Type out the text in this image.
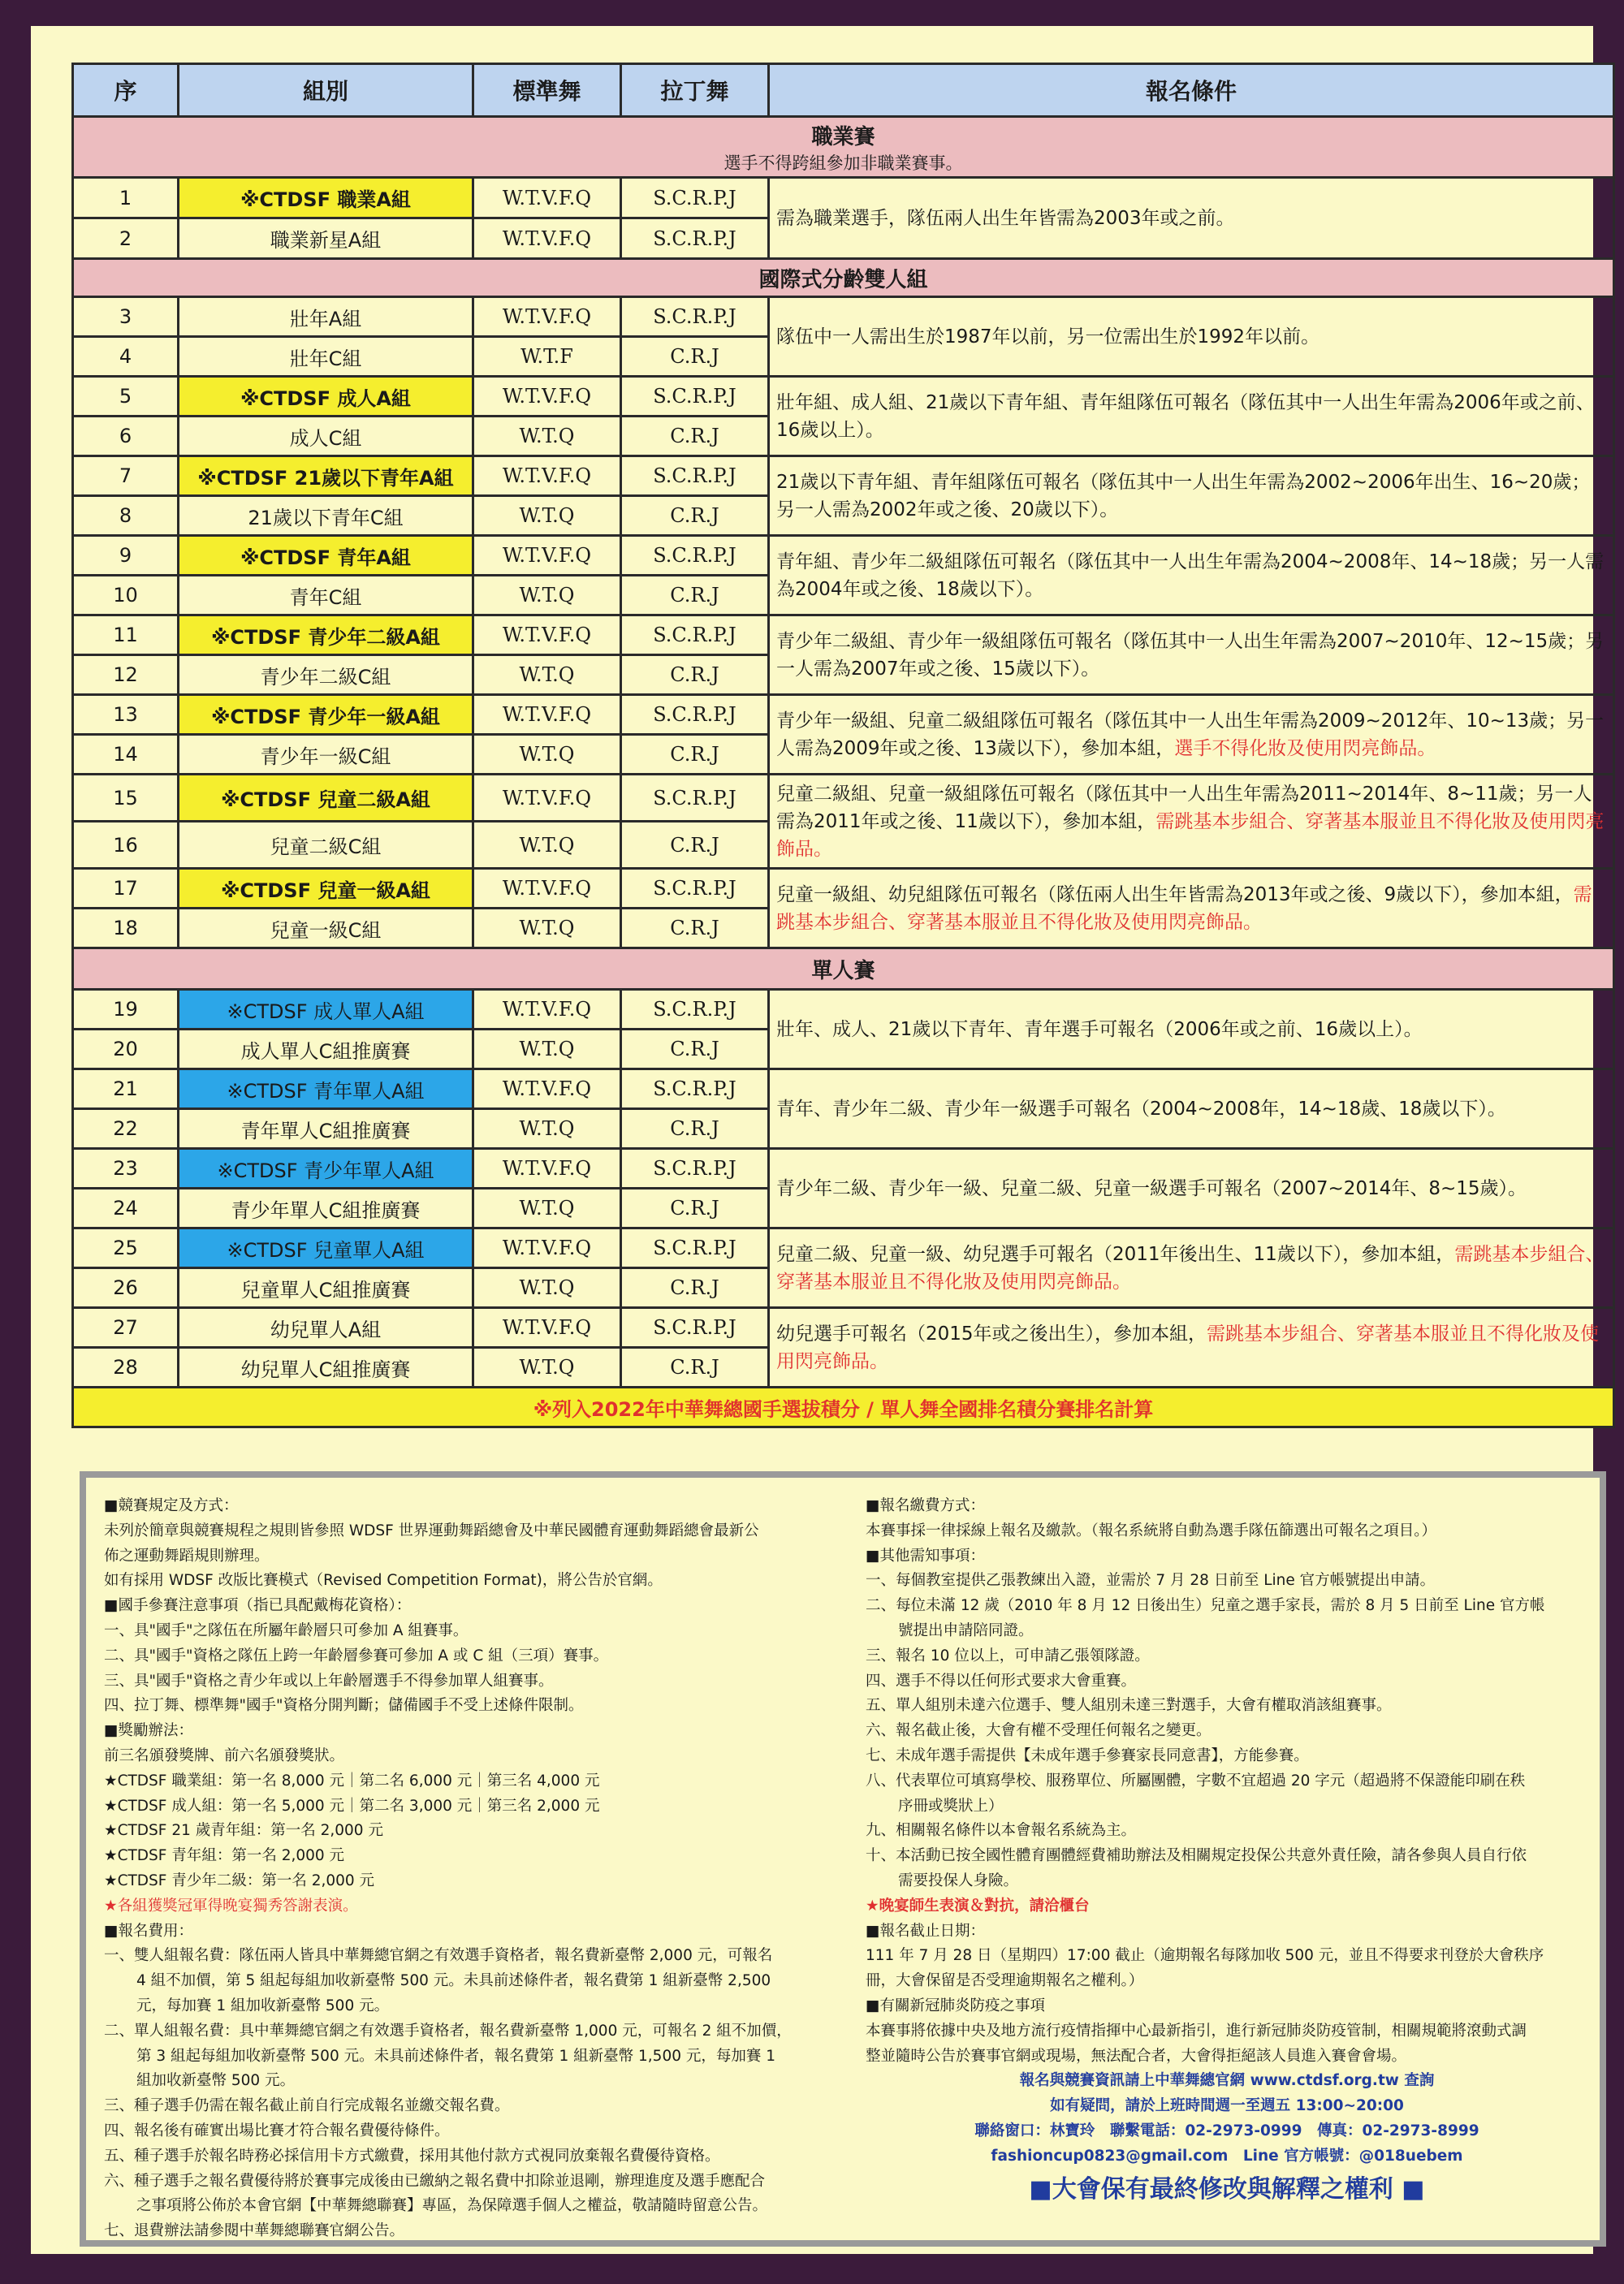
序	組別	標準舞	拉丁舞	報名條件

職業賽
選手不得跨組參加非職業賽事。				

1	※CTDSF 職業A組	W.T.V.F.Q	S.C.R.P.J	需為職業選手，隊伍兩人出生年皆需為2003年或之前。
2	職業新星A組	W.T.V.F.Q	S.C.R.P.J	

國際式分齡雙人組				

3	壯年A組	W.T.V.F.Q	S.C.R.P.J	隊伍中一人需出生於1987年以前，另一位需出生於1992年以前。
4	壯年C組	W.T.F	C.R.J	
5	※CTDSF 成人A組	W.T.V.F.Q	S.C.R.P.J	壯年組、成人組、21歲以下青年組、青年組隊伍可報名（隊伍其中一人出生年需為2006年或之前、16歲以上）。
6	成人C組	W.T.Q	C.R.J	
7	※CTDSF 21歲以下青年A組	W.T.V.F.Q	S.C.R.P.J	21歲以下青年組、青年組隊伍可報名（隊伍其中一人出生年需為2002~2006年出生、16~20歲；另一人需為2002年或之後、20歲以下）。
8	21歲以下青年C組	W.T.Q	C.R.J	
9	※CTDSF 青年A組	W.T.V.F.Q	S.C.R.P.J	青年組、青少年二級組隊伍可報名（隊伍其中一人出生年需為2004~2008年、14~18歲；另一人需為2004年或之後、18歲以下）。
10	青年C組	W.T.Q	C.R.J	
11	※CTDSF 青少年二級A組	W.T.V.F.Q	S.C.R.P.J	青少年二級組、青少年一級組隊伍可報名（隊伍其中一人出生年需為2007~2010年、12~15歲；另一人需為2007年或之後、15歲以下）。
12	青少年二級C組	W.T.Q	C.R.J	
13	※CTDSF 青少年一級A組	W.T.V.F.Q	S.C.R.P.J	青少年一級組、兒童二級組隊伍可報名（隊伍其中一人出生年需為2009~2012年、10~13歲；另一人需為2009年或之後、13歲以下），參加本組，選手不得化妝及使用閃亮飾品。
14	青少年一級C組	W.T.Q	C.R.J	
15	※CTDSF 兒童二級A組	W.T.V.F.Q	S.C.R.P.J	兒童二級組、兒童一級組隊伍可報名（隊伍其中一人出生年需為2011~2014年、8~11歲；另一人需為2011年或之後、11歲以下），參加本組，需跳基本步組合、穿著基本服並且不得化妝及使用閃亮飾品。
16	兒童二級C組	W.T.Q	C.R.J	
17	※CTDSF 兒童一級A組	W.T.V.F.Q	S.C.R.P.J	兒童一級組、幼兒組隊伍可報名（隊伍兩人出生年皆需為2013年或之後、9歲以下），參加本組，需跳基本步組合、穿著基本服並且不得化妝及使用閃亮飾品。
18	兒童一級C組	W.T.Q	C.R.J	

單人賽				

19	※CTDSF 成人單人A組	W.T.V.F.Q	S.C.R.P.J	壯年、成人、21歲以下青年、青年選手可報名（2006年或之前、16歲以上）。
20	成人單人C組推廣賽	W.T.Q	C.R.J	
21	※CTDSF 青年單人A組	W.T.V.F.Q	S.C.R.P.J	青年、青少年二級、青少年一級選手可報名（2004~2008年，14~18歲、18歲以下）。
22	青年單人C組推廣賽	W.T.Q	C.R.J	
23	※CTDSF 青少年單人A組	W.T.V.F.Q	S.C.R.P.J	青少年二級、青少年一級、兒童二級、兒童一級選手可報名（2007~2014年、8~15歲）。
24	青少年單人C組推廣賽	W.T.Q	C.R.J	
25	※CTDSF 兒童單人A組	W.T.V.F.Q	S.C.R.P.J	兒童二級、兒童一級、幼兒選手可報名（2011年後出生、11歲以下），參加本組，需跳基本步組合、穿著基本服並且不得化妝及使用閃亮飾品。
26	兒童單人C組推廣賽	W.T.Q	C.R.J	
27	幼兒單人A組	W.T.V.F.Q	S.C.R.P.J	幼兒選手可報名（2015年或之後出生），參加本組，需跳基本步組合、穿著基本服並且不得化妝及使用閃亮飾品。
28	幼兒單人C組推廣賽	W.T.Q	C.R.J	
※列入2022年中華舞總國手選拔積分 / 單人舞全國排名積分賽排名計算				
■競賽規定及方式：
未列於簡章與競賽規程之規則皆參照 WDSF 世界運動舞蹈總會及中華民國體育運動舞蹈總會最新公
佈之運動舞蹈規則辦理。
如有採用 WDSF 改版比賽模式（Revised Competition Format)，將公告於官網。
■國手參賽注意事項（指已具配戴梅花資格）：
一、具"國手"之隊伍在所屬年齡層只可參加 A 組賽事。
二、具"國手"資格之隊伍上跨一年齡層參賽可參加 A 或 C 組（三項）賽事。
三、具"國手"資格之青少年或以上年齡層選手不得參加單人組賽事。
四、拉丁舞、標準舞"國手"資格分開判斷；儲備國手不受上述條件限制。
■獎勵辦法：
前三名頒發獎牌、前六名頒發獎狀。
★CTDSF 職業組：第一名 8,000 元｜第二名 6,000 元｜第三名 4,000 元
★CTDSF 成人組：第一名 5,000 元｜第二名 3,000 元｜第三名 2,000 元
★CTDSF 21 歲青年組：第一名 2,000 元
★CTDSF 青年組：第一名 2,000 元
★CTDSF 青少年二級：第一名 2,000 元
★各組獲獎冠軍得晚宴獨秀答謝表演。
■報名費用：
一、雙人組報名費：隊伍兩人皆具中華舞總官網之有效選手資格者，報名費新臺幣 2,000 元，可報名
4 組不加價，第 5 組起每組加收新臺幣 500 元。未具前述條件者，報名費第 1 組新臺幣 2,500
元，每加賽 1 組加收新臺幣 500 元。
二、單人組報名費：具中華舞總官網之有效選手資格者，報名費新臺幣 1,000 元，可報名 2 組不加價，
第 3 組起每組加收新臺幣 500 元。未具前述條件者，報名費第 1 組新臺幣 1,500 元，每加賽 1
組加收新臺幣 500 元。
三、種子選手仍需在報名截止前自行完成報名並繳交報名費。
四、報名後有確實出場比賽才符合報名費優待條件。
五、種子選手於報名時務必採信用卡方式繳費，採用其他付款方式視同放棄報名費優待資格。
六、種子選手之報名費優待將於賽事完成後由已繳納之報名費中扣除並退剛，辦理進度及選手應配合
之事項將公佈於本會官網【中華舞總聯賽】專區，為保障選手個人之權益，敬請隨時留意公告。
七、退費辦法請參閱中華舞總聯賽官網公告。
■報名繳費方式：
本賽事採一律採線上報名及繳款。（報名系統將自動為選手隊伍篩選出可報名之項目。）
■其他需知事項：
一、每個教室提供乙張教練出入證，並需於 7 月 28 日前至 Line 官方帳號提出申請。
二、每位未滿 12 歲（2010 年 8 月 12 日後出生）兒童之選手家長，需於 8 月 5 日前至 Line 官方帳
號提出申請陪同證。
三、報名 10 位以上，可申請乙張領隊證。
四、選手不得以任何形式要求大會重賽。
五、單人組別未達六位選手、雙人組別未達三對選手，大會有權取消該組賽事。
六、報名截止後，大會有權不受理任何報名之變更。
七、未成年選手需提供【未成年選手參賽家長同意書】，方能參賽。
八、代表單位可填寫學校、服務單位、所屬團體，字數不宜超過 20 字元（超過將不保證能印刷在秩
序冊或獎狀上）
九、相關報名條件以本會報名系統為主。
十、本活動已按全國性體育團體經費補助辦法及相關規定投保公共意外責任險，請各參與人員自行依
需要投保人身險。
★晚宴師生表演＆對抗，請洽櫃台
■報名截止日期：
111 年 7 月 28 日（星期四）17:00 截止（逾期報名每隊加收 500 元，並且不得要求刊登於大會秩序
冊，大會保留是否受理逾期報名之權利。）
■有關新冠肺炎防疫之事項
本賽事將依據中央及地方流行疫情指揮中心最新指引，進行新冠肺炎防疫管制，相關規範將滾動式調
整並隨時公告於賽事官網或現場，無法配合者，大會得拒絕該人員進入賽會會場。
報名與競賽資訊請上中華舞總官網 www.ctdsf.org.tw 查詢
如有疑問，請於上班時間週一至週五 13:00~20:00
聯絡窗口：林寶玲　聯繫電話：02-2973-0999　傳真：02-2973-8999
fashioncup0823@gmail.com　Line 官方帳號：@018uebem
■大會保有最終修改與解釋之權利 ■
